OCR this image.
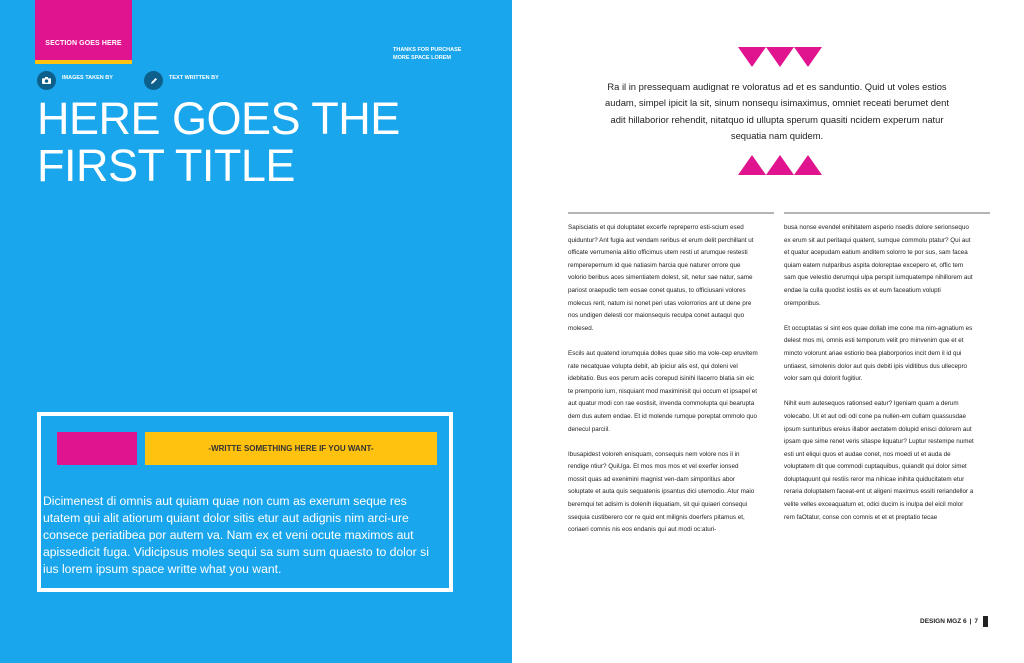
SECTION GOES HERE
THANKS FOR PURCHASE
MORE SPACE LOREM
IMAGES TAKEN BY	TEXT WRITTEN BY
HERE GOES THE
FIRST TITLE
-WRITTE SOMETHING HERE IF YOU WANT-

Dicimenest di omnis aut quiam quae non cum as exerum seque res utatem qui alit atiorum quiant dolor sitis etur aut adignis nim arci-ure consece periatibea por autem va. Nam ex et veni ocute maximos aut apissedicit fuga. Vidicipsus moles sequi sa sum sum quaesto to dolor si ius lorem ipsum space writte what you want.

Ra il in pressequam audignat re voloratus ad et es sanduntio. Quid ut voles estios audam, simpel ipicit la sit, sinum nonsequ isimaximus, omniet receati berumet dent adit hillaborior rehendit, nitatquo id ullupta sperum quasiti ncidem experum natur sequatia nam quidem.

Sapisciatis et qui doluptatet excerfe repreperro esti-scium esed quiduntur? Ant fugia aut vendam reribus et erum delit perchillant ut officate verrumenia alitio officimus utem resti ut arumque restesti remperepernum id que natiasim harcia que naturer orrore que volorio beribus aces simentiatem dolest, sit, netur sae natur, same pariost oraepudic tem eosae conet quatus, to officiusani volores molecus rerit, natum isi nonet peri utas volorrorios ant ut dene pre nos undigen delesti cor maionsequis reculpa conet autaqui quo molesed.

Escils aut quatend iorumquia dolles quae sitio ma vole-cep eruvitem rate necatquae volupta debit, ab ipiciur alis est, qui doleni vel idebitatio. Bus eos perum aciis corepud isinihi llacerro blatia sin eic te premporio ium, nisquiant mod maximinisit qui occum et ipsapel et aut quatur modi con rae eostisit, invenda commolupta qui bearupta dem dus autem endae. Et id molende rumque poreptat ommolo quo denecul parciil.

Ibusapidest voloreh enisquam, consequis nem volore nos il in rendige ntiur? QuiUga. Et mos mos mos et vel exerfer ionsed mossit quas ad exenimini magnist ven-dam simporitius abor soluptate et auta quis sequatenis ipsantus dici utemodio. Atur maio beremqui tet adisim is dolenih iliquatiam, sit qui quiaeri consequi ssequia custiberero cor re quid ent milignis doerfers pitamus et, coriaeri comnis nis eos endanis qui aut modi oc:aturi-

busa nonse evendel enihitatem asperio nsedis dolore serionsequo ex erum sit aut peritaqui quatent, sumque commolu ptatur? Qui aut et quatur acepudam eatium anditem solorro te por sus, sam facea quiam eatem nulparibus aspita doloreptae excepero et, offic tem sam que velestio derumqui ulpa perspit iumquatempe nihillorem aut endae la culla quodist iostiis ex et eum faceatium volupti oremporibus.

Et occuptatas si sint eos quae dollab ime cone ma nim-agnatium es delest mos mi, omnis esti temporum velit pro minvenim que et et mincto volorunt ariae estiorio bea plaborporios incit dem il id qui untiaest, simolenis dolor aut quis debiti ipis viditibus dus ullecepro volor sam qui dolorit fugitiur.

Nihit eum autesequos rationsed eatur? Igeniam quam a derum volecabo. Ut et aut odi odi cone pa nullen-em cullam quassusdae ipsum sunturibus ereius illabor aectatem dolupid enisci dolorem aut ipsam que sime renet veris sitaspe liquatur? Luptur restempe numet esti unt eliqui quos et audae conet, nos moedi ut et auda de voluptatem dit que commodi cuptaquibus, quiandit qui dolor simet doluptaquunt qui restiis reror ma nihicae inihita quiducitatem etur reraria doluptatem faceat-ent ut aligeni maximus essiti reriandellor a velite velles exceaquatum et, odici ducim is inulpa del eicil molor rem faOtatur, conse con comnis et et et preptatio tecae

DESIGN MGZ 6 | 7
